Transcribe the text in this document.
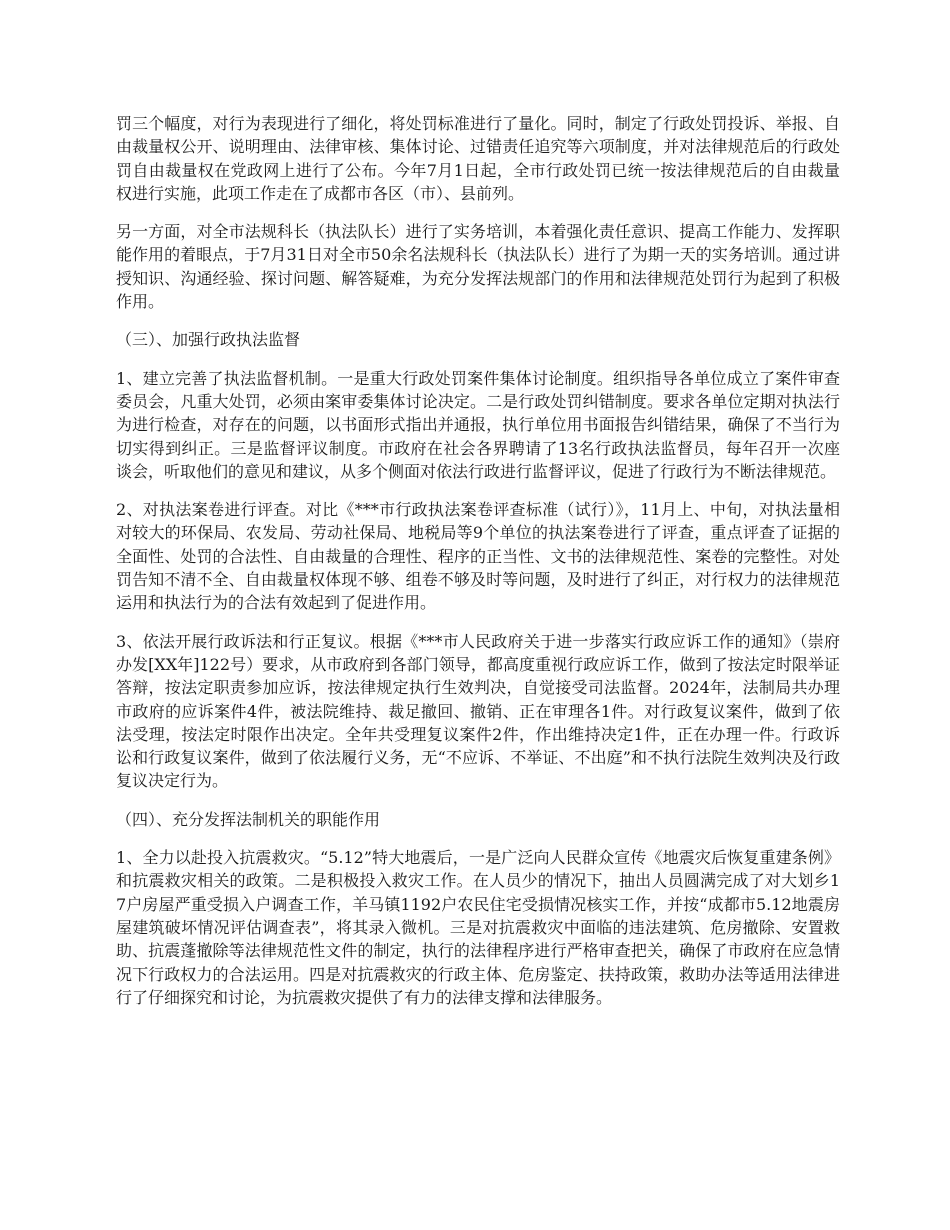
罚三个幅度，对行为表现进行了细化，将处罚标准进行了量化。同时，制定了行政处罚投诉、举报、自由裁量权公开、说明理由、法律审核、集体讨论、过错责任追究等六项制度，并对法律规范后的行政处罚自由裁量权在党政网上进行了公布。今年7月1日起，全市行政处罚已统一按法律规范后的自由裁量权进行实施，此项工作走在了成都市各区（市）、县前列。

另一方面，对全市法规科长（执法队长）进行了实务培训，本着强化责任意识、提高工作能力、发挥职能作用的着眼点，于7月31日对全市50余名法规科长（执法队长）进行了为期一天的实务培训。通过讲授知识、沟通经验、探讨问题、解答疑难，为充分发挥法规部门的作用和法律规范处罚行为起到了积极作用。

（三）、加强行政执法监督

1、建立完善了执法监督机制。一是重大行政处罚案件集体讨论制度。组织指导各单位成立了案件审查委员会，凡重大处罚，必须由案审委集体讨论决定。二是行政处罚纠错制度。要求各单位定期对执法行为进行检查，对存在的问题，以书面形式指出并通报，执行单位用书面报告纠错结果，确保了不当行为切实得到纠正。三是监督评议制度。市政府在社会各界聘请了13名行政执法监督员，每年召开一次座谈会，听取他们的意见和建议，从多个侧面对依法行政进行监督评议，促进了行政行为不断法律规范。

2、对执法案卷进行评查。对比《***市行政执法案卷评查标准（试行）》，11月上、中旬，对执法量相对较大的环保局、农发局、劳动社保局、地税局等9个单位的执法案卷进行了评查，重点评查了证据的全面性、处罚的合法性、自由裁量的合理性、程序的正当性、文书的法律规范性、案卷的完整性。对处罚告知不清不全、自由裁量权体现不够、组卷不够及时等问题，及时进行了纠正，对行权力的法律规范运用和执法行为的合法有效起到了促进作用。

3、依法开展行政诉法和行正复议。根据《***市人民政府关于进一步落实行政应诉工作的通知》（崇府办发[XX年]122号）要求，从市政府到各部门领导，都高度重视行政应诉工作，做到了按法定时限举证答辩，按法定职责参加应诉，按法律规定执行生效判决，自觉接受司法监督。2024年，法制局共办理市政府的应诉案件4件，被法院维持、裁足撤回、撤销、正在审理各1件。对行政复议案件，做到了依法受理，按法定时限作出决定。全年共受理复议案件2件，作出维持决定1件，正在办理一件。行政诉讼和行政复议案件，做到了依法履行义务，无“不应诉、不举证、不出庭”和不执行法院生效判决及行政复议决定行为。

（四）、充分发挥法制机关的职能作用

1、全力以赴投入抗震救灾。“5.12”特大地震后，一是广泛向人民群众宣传《地震灾后恢复重建条例》和抗震救灾相关的政策。二是积极投入救灾工作。在人员少的情况下，抽出人员圆满完成了对大划乡17户房屋严重受损入户调查工作，羊马镇1192户农民住宅受损情况核实工作，并按“成都市5.12地震房屋建筑破坏情况评估调查表”，将其录入微机。三是对抗震救灾中面临的违法建筑、危房撤除、安置救助、抗震蓬撤除等法律规范性文件的制定，执行的法律程序进行严格审查把关，确保了市政府在应急情况下行政权力的合法运用。四是对抗震救灾的行政主体、危房鉴定、扶持政策，救助办法等适用法律进行了仔细探究和讨论，为抗震救灾提供了有力的法律支撑和法律服务。
